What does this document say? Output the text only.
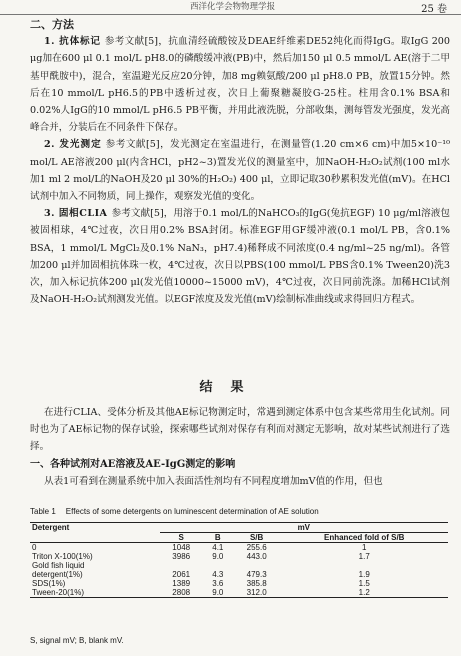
西洋化学会物物理学报	25 卷
二、方法

1. 抗体标记 参考文献[5]，抗血清经硫酸铵及DEAE纤维素DE52纯化而得IgG。取IgG 200 μg加在600 μl 0.1 mol/L pH8.0的磷酸缓冲液(PB)中，然后加150 μl 0.5 mmol/L AE(溶于二甲基甲酰胺中)，混合，室温避光反应20分钟，加8 mg赖氨酸/200 μl pH8.0 PB，放置15分钟。然后在10 mmol/L pH6.5的PB中透析过夜，次日上葡聚糖凝胶G-25柱。柱用含0.1% BSA和0.02%人IgG的10 mmol/L pH6.5 PB平衡，并用此液洗脱，分部收集，测每管发光强度，发光高峰合并，分装后在不同条件下保存。

2. 发光测定 参考文献[5]，发光测定在室温进行，在测量管(1.20 cm×6 cm)中加5×10⁻¹⁰ mol/L AE溶液200 μl(内含HCl，pH2~3)置发光仪的测量室中，加NaOH-H₂O₂试剂(100 ml水加1 ml 2 mol/L的NaOH及20 μl 30%的H₂O₂) 400 μl，立即记取30秒累积发光值(mV)。在HCl试剂中加入不同物质，同上操作，观察发光值的变化。

3. 固相CLIA 参考文献[5]，用溶于0.1 mol/L的NaHCO₃的IgG(兔抗EGF) 10 μg/ml溶液包被固相球，4℃过夜，次日用0.2% BSA封闭。标准EGF用GF缓冲液(0.1 mol/L PB，含0.1% BSA，1 mmol/L MgCl₂及0.1% NaN₃，pH7.4)稀释成不同浓度(0.4 ng/ml~25 ng/ml)。各管加200 μl并加固相抗体珠一枚，4℃过夜，次日以PBS(100 mmol/L PBS含0.1% Tween20)洗3次，加入标记抗体200 μl(发光值10000~15000 mV)，4℃过夜，次日同前洗涤。加稀HCl试剂及NaOH-H₂O₂试剂测发光值。以EGF浓度及发光值(mV)绘制标准曲线或求得回归方程式。

结果

在进行CLIA、受体分析及其他AE标记物测定时，常遇到测定体系中包含某些常用生化试剂。同时也为了AE标记物的保存试验，探索哪些试剂对保存有利而对测定无影响，故对某些试剂进行了选择。

一、各种试剂对AE溶液及AE-IgG测定的影响

从表1可看到在测量系统中加入表面活性剂均有不同程度增加mV值的作用，但也

Table 1 Effects of some detergents on luminescent determination of AE solution
Detergent	mV			
	S	B	S/B	Enhanced fold of S/B
0	1048	4.1	255.6	1
Triton X-100(1%)	3986	9.0	443.0	1.7
Gold fish liquid				
detergent(1%)	2061	4.3	479.3	1.9
SDS(1%)	1389	3.6	385.8	1.5
Tween-20(1%)	2808	9.0	312.0	1.2
S, signal mV; B, blank mV.
